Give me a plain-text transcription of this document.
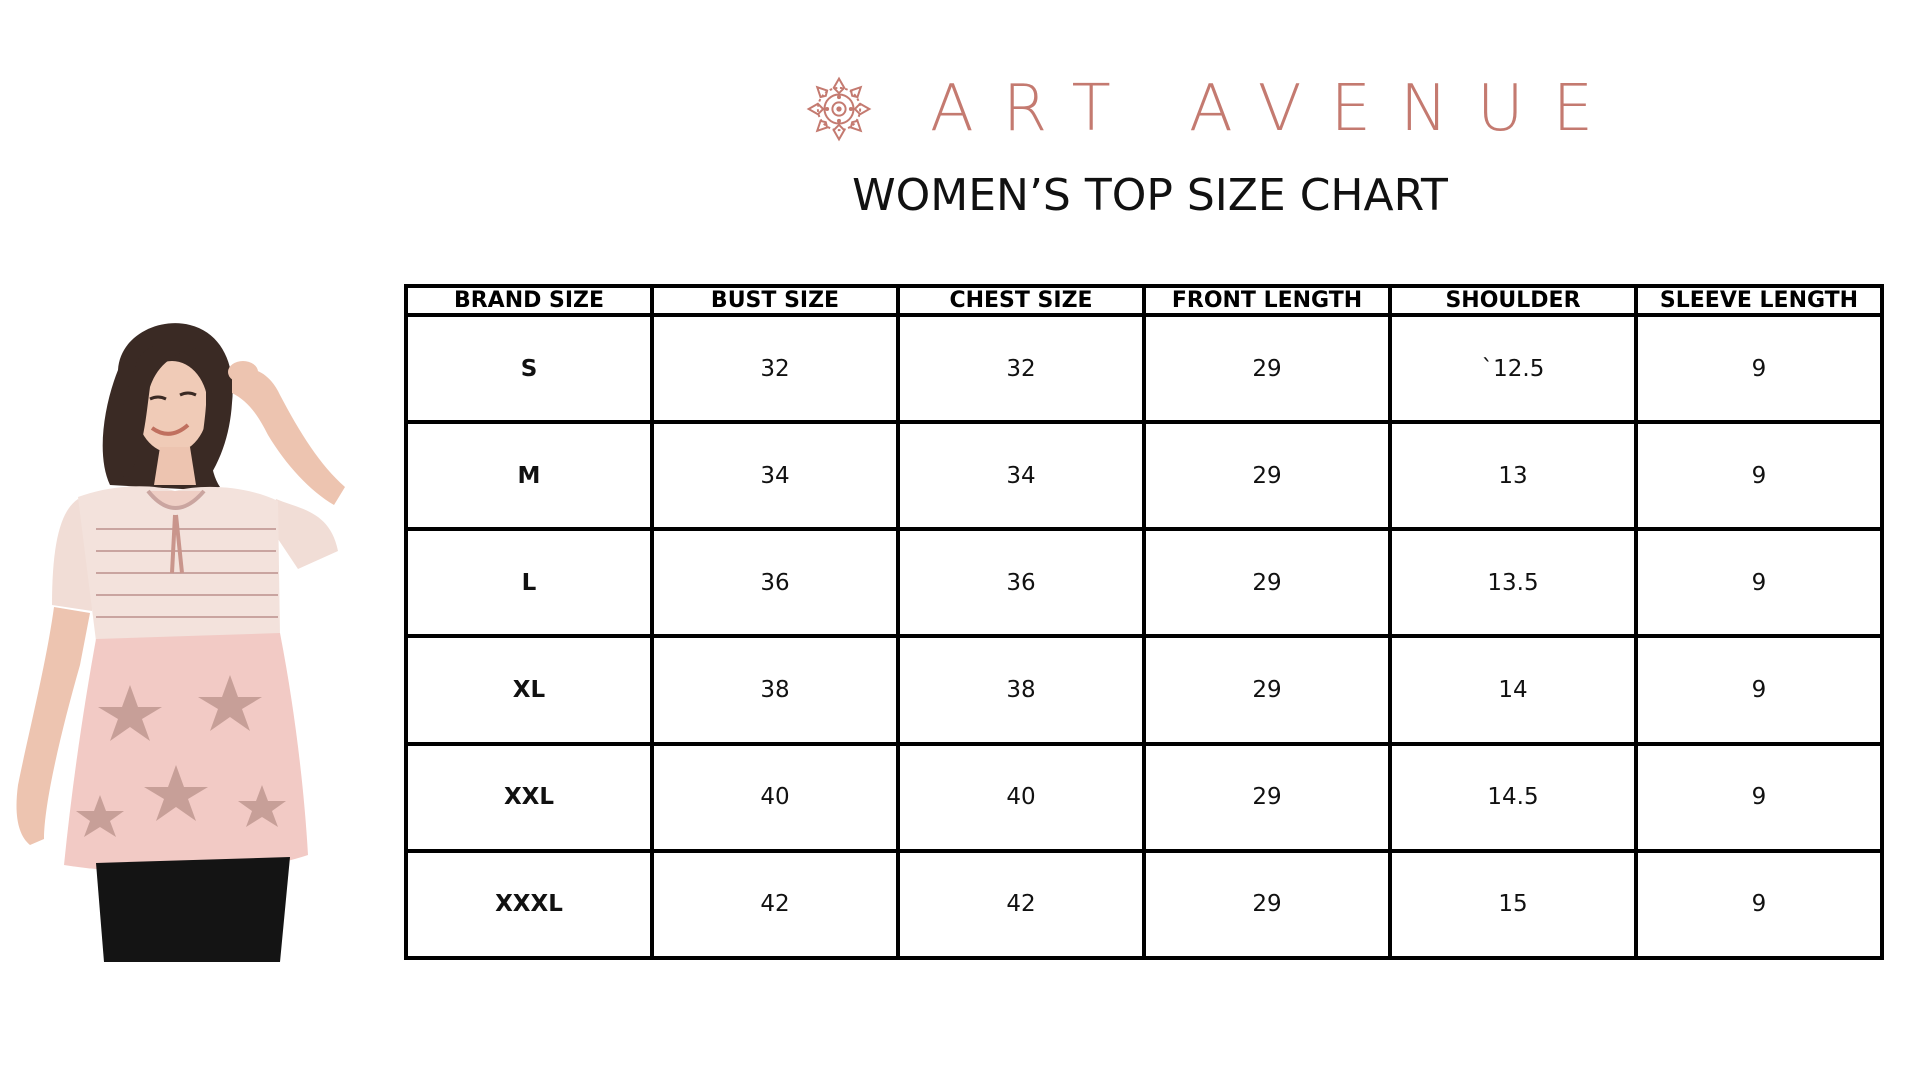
ART AVENUE
WOMEN’S TOP SIZE CHART
BRAND SIZE	BUST SIZE	CHEST SIZE	FRONT LENGTH	SHOULDER	SLEEVE LENGTH
S	32	32	29	`12.5	9
M	34	34	29	13	9
L	36	36	29	13.5	9
XL	38	38	29	14	9
XXL	40	40	29	14.5	9
XXXL	42	42	29	15	9
